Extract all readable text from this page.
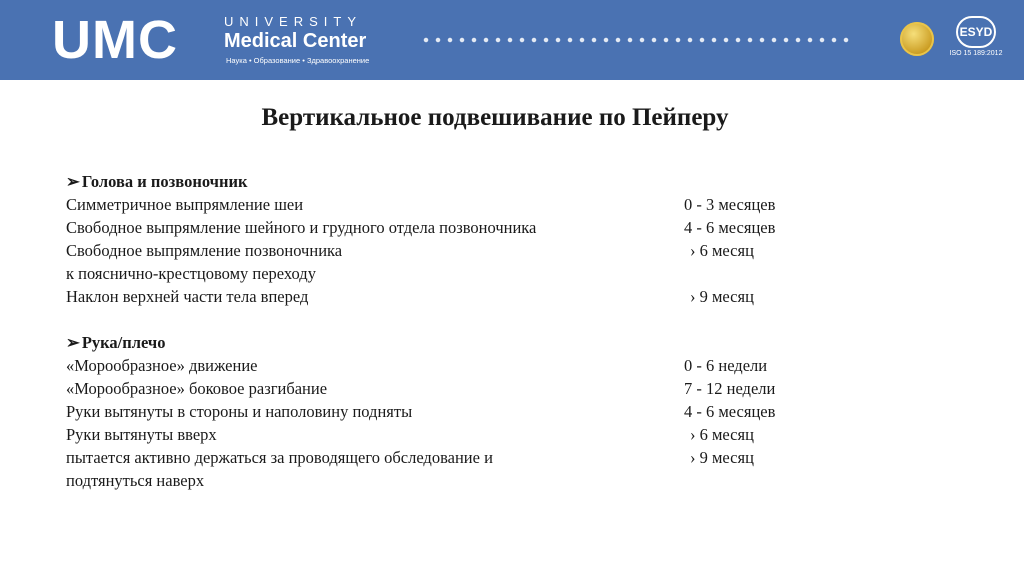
UMC	UNIVERSITY
Medical Center
Наука • Образование • Здравоохранение
ESYD
ISO 15 189:2012
Вертикальное подвешивание по Пейперу
➢ Голова и позвоночник
Симметричное выпрямление шеи	0 - 3 месяцев
Свободное выпрямление шейного и грудного отдела позвоночника	4 - 6 месяцев
Свободное выпрямление позвоночника	› 6 месяц
к пояснично-крестцовому переходу
Наклон верхней части тела вперед	› 9 месяц
➢ Рука/плечо
«Морообразное» движение	0 - 6 недели
«Морообразное» боковое разгибание	7 - 12 недели
Руки вытянуты в стороны и наполовину подняты	4 - 6 месяцев
Руки вытянуты вверх	› 6 месяц
пытается активно держаться за проводящего обследование и	› 9 месяц
подтянуться наверх
